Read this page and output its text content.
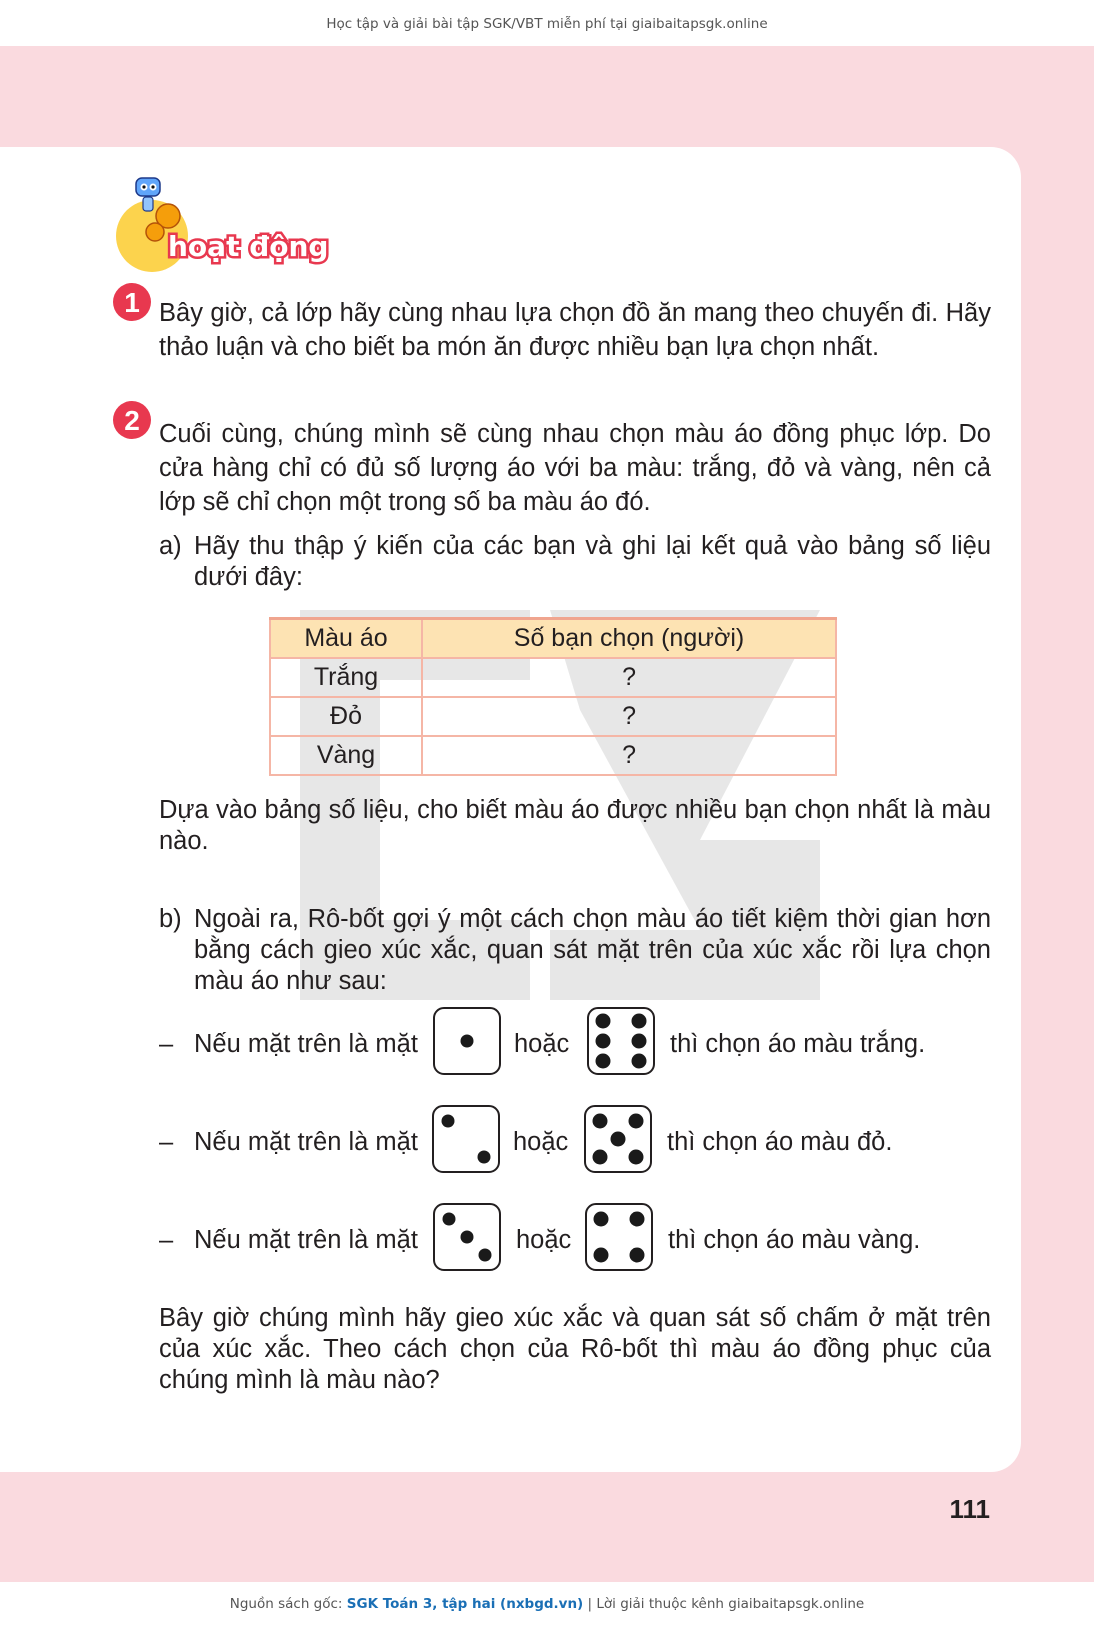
Học tập và giải bài tập SGK/VBT miễn phí tại giaibaitapsgk.online
hoạt động
1 Bây giờ, cả lớp hãy cùng nhau lựa chọn đồ ăn mang theo chuyến đi. Hãy thảo luận và cho biết ba món ăn được nhiều bạn lựa chọn nhất.
2 Cuối cùng, chúng mình sẽ cùng nhau chọn màu áo đồng phục lớp. Do cửa hàng chỉ có đủ số lượng áo với ba màu: trắng, đỏ và vàng, nên cả lớp sẽ chỉ chọn một trong số ba màu áo đó.
a) Hãy thu thập ý kiến của các bạn và ghi lại kết quả vào bảng số liệu dưới đây:
Màu áo	Số bạn chọn (người)
Trắng	?
Đỏ	?
Vàng	?
Dựa vào bảng số liệu, cho biết màu áo được nhiều bạn chọn nhất là màu nào.
b) Ngoài ra, Rô-bốt gợi ý một cách chọn màu áo tiết kiệm thời gian hơn bằng cách gieo xúc xắc, quan sát mặt trên của xúc xắc rồi lựa chọn màu áo như sau:
– Nếu mặt trên là mặt	hoặc	thì chọn áo màu trắng.
– Nếu mặt trên là mặt	hoặc	thì chọn áo màu đỏ.
– Nếu mặt trên là mặt	hoặc	thì chọn áo màu vàng.
Bây giờ chúng mình hãy gieo xúc xắc và quan sát số chấm ở mặt trên của xúc xắc. Theo cách chọn của Rô-bốt thì màu áo đồng phục của chúng mình là màu nào?
111
Nguồn sách gốc: SGK Toán 3, tập hai (nxbgd.vn) | Lời giải thuộc kênh giaibaitapsgk.online
